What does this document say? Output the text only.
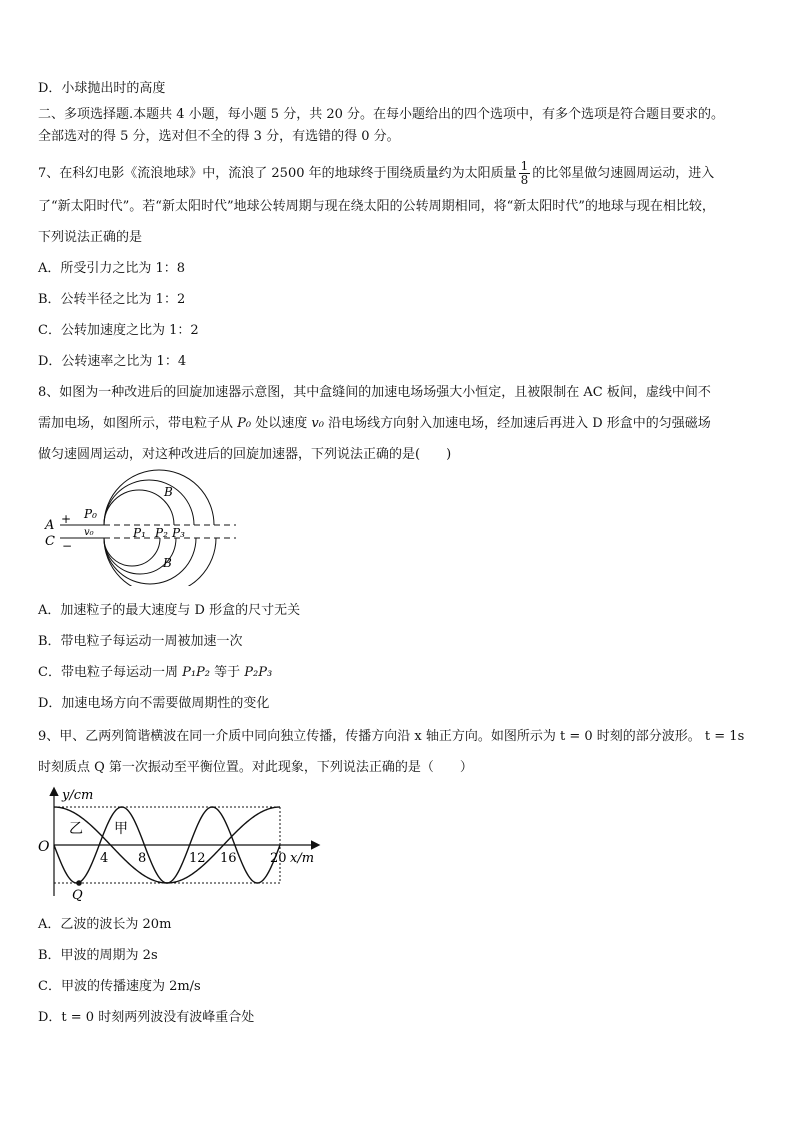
D．小球抛出时的高度
二、多项选择题.本题共 4 小题，每小题 5 分，共 20 分。在每小题给出的四个选项中，有多个选项是符合题目要求的。
全部选对的得 5 分，选对但不全的得 3 分，有选错的得 0 分。
7、在科幻电影《流浪地球》中，流浪了 2500 年的地球终于围绕质量约为太阳质量 $\frac{1}{8}$ 的比邻星做匀速圆周运动，进入
了“新太阳时代”。若“新太阳时代”地球公转周期与现在绕太阳的公转周期相同，将“新太阳时代”的地球与现在相比较，
下列说法正确的是
A．所受引力之比为 1：8
B．公转半径之比为 1：2
C．公转加速度之比为 1：2
D．公转速率之比为 1：4
8、如图为一种改进后的回旋加速器示意图，其中盒缝间的加速电场场强大小恒定，且被限制在 AC 板间，虚线中间不
需加电场，如图所示，带电粒子从 P₀ 处以速度 v₀ 沿电场线方向射入加速电场，经加速后再进入 D 形盒中的匀强磁场
做匀速圆周运动，对这种改进后的回旋加速器，下列说法正确的是(　　)
A
C
+
−
P₀
v₀	P₁ P₂ P₃
B
B
A．加速粒子的最大速度与 D 形盒的尺寸无关
B．带电粒子每运动一周被加速一次
C．带电粒子每运动一周 P₁P₂ 等于 P₂P₃
D．加速电场方向不需要做周期性的变化
9、甲、乙两列简谐横波在同一介质中同向独立传播，传播方向沿 x 轴正方向。如图所示为 t = 0 时刻的部分波形。 t = 1s
时刻质点 Q 第一次振动至平衡位置。对此现象，下列说法正确的是（　　）
y/cm
x/m
O
乙 甲
Q
4 8	12 16	20
A．乙波的波长为 20m
B．甲波的周期为 2s
C．甲波的传播速度为 2m/s
D．t = 0 时刻两列波没有波峰重合处
